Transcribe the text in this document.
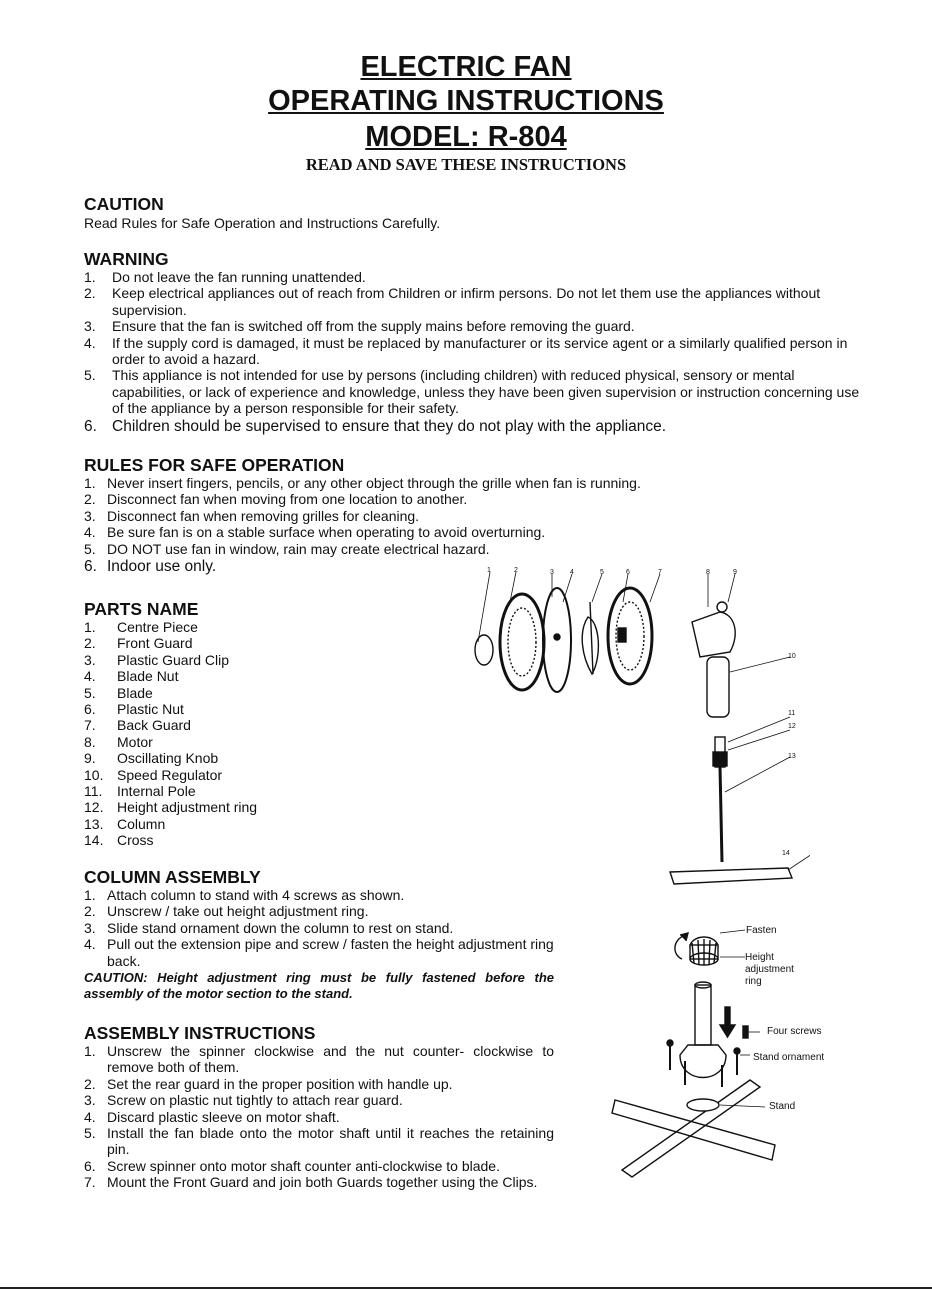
ELECTRIC FAN
OPERATING INSTRUCTIONS
MODEL: R-804
READ AND SAVE THESE INSTRUCTIONS
CAUTION
Read Rules for Safe Operation and Instructions Carefully.
WARNING
1. Do not leave the fan running unattended.
2. Keep electrical appliances out of reach from Children or infirm persons. Do not let them use the appliances without supervision.
3. Ensure that the fan is switched off from the supply mains before removing the guard.
4. If the supply cord is damaged, it must be replaced by manufacturer or its service agent or a similarly qualified person in order to avoid a hazard.
5. This appliance is not intended for use by persons (including children) with reduced physical, sensory or mental capabilities, or lack of experience and knowledge, unless they have been given supervision or instruction concerning use of the appliance by a person responsible for their safety.
6. Children should be supervised to ensure that they do not play with the appliance.
RULES FOR SAFE OPERATION
1. Never insert fingers, pencils, or any other object through the grille when fan is running.
2. Disconnect fan when moving from one location to another.
3. Disconnect fan when removing grilles for cleaning.
4. Be sure fan is on a stable surface when operating to avoid overturning.
5. DO NOT use fan in window, rain may create electrical hazard.
6. Indoor use only.
PARTS NAME
1. Centre Piece
2. Front Guard
3. Plastic Guard Clip
4. Blade Nut
5. Blade
6. Plastic Nut
7. Back Guard
8. Motor
9. Oscillating Knob
10. Speed Regulator
11. Internal Pole
12. Height adjustment ring
13. Column
14. Cross
COLUMN ASSEMBLY
1. Attach column to stand with 4 screws as shown.
2. Unscrew / take out height adjustment ring.
3. Slide stand ornament down the column to rest on stand.
4. Pull out the extension pipe and screw / fasten the height adjustment ring back.
CAUTION: Height adjustment ring must be fully fastened before the assembly of the motor section to the stand.
ASSEMBLY INSTRUCTIONS
1. Unscrew the spinner clockwise and the nut counter- clockwise to remove both of them.
2. Set the rear guard in the proper position with handle up.
3. Screw on plastic nut tightly to attach rear guard.
4. Discard plastic sleeve on motor shaft.
5. Install the fan blade onto the motor shaft until it reaches the retaining pin.
6. Screw spinner onto motor shaft counter anti-clockwise to blade.
7. Mount the Front Guard and join both Guards together using the Clips.
1	2	3 4	5	6	7	8	9
10
11
12
13
14
Fasten
Height adjustment ring
Four screws
Stand ornament
Stand
